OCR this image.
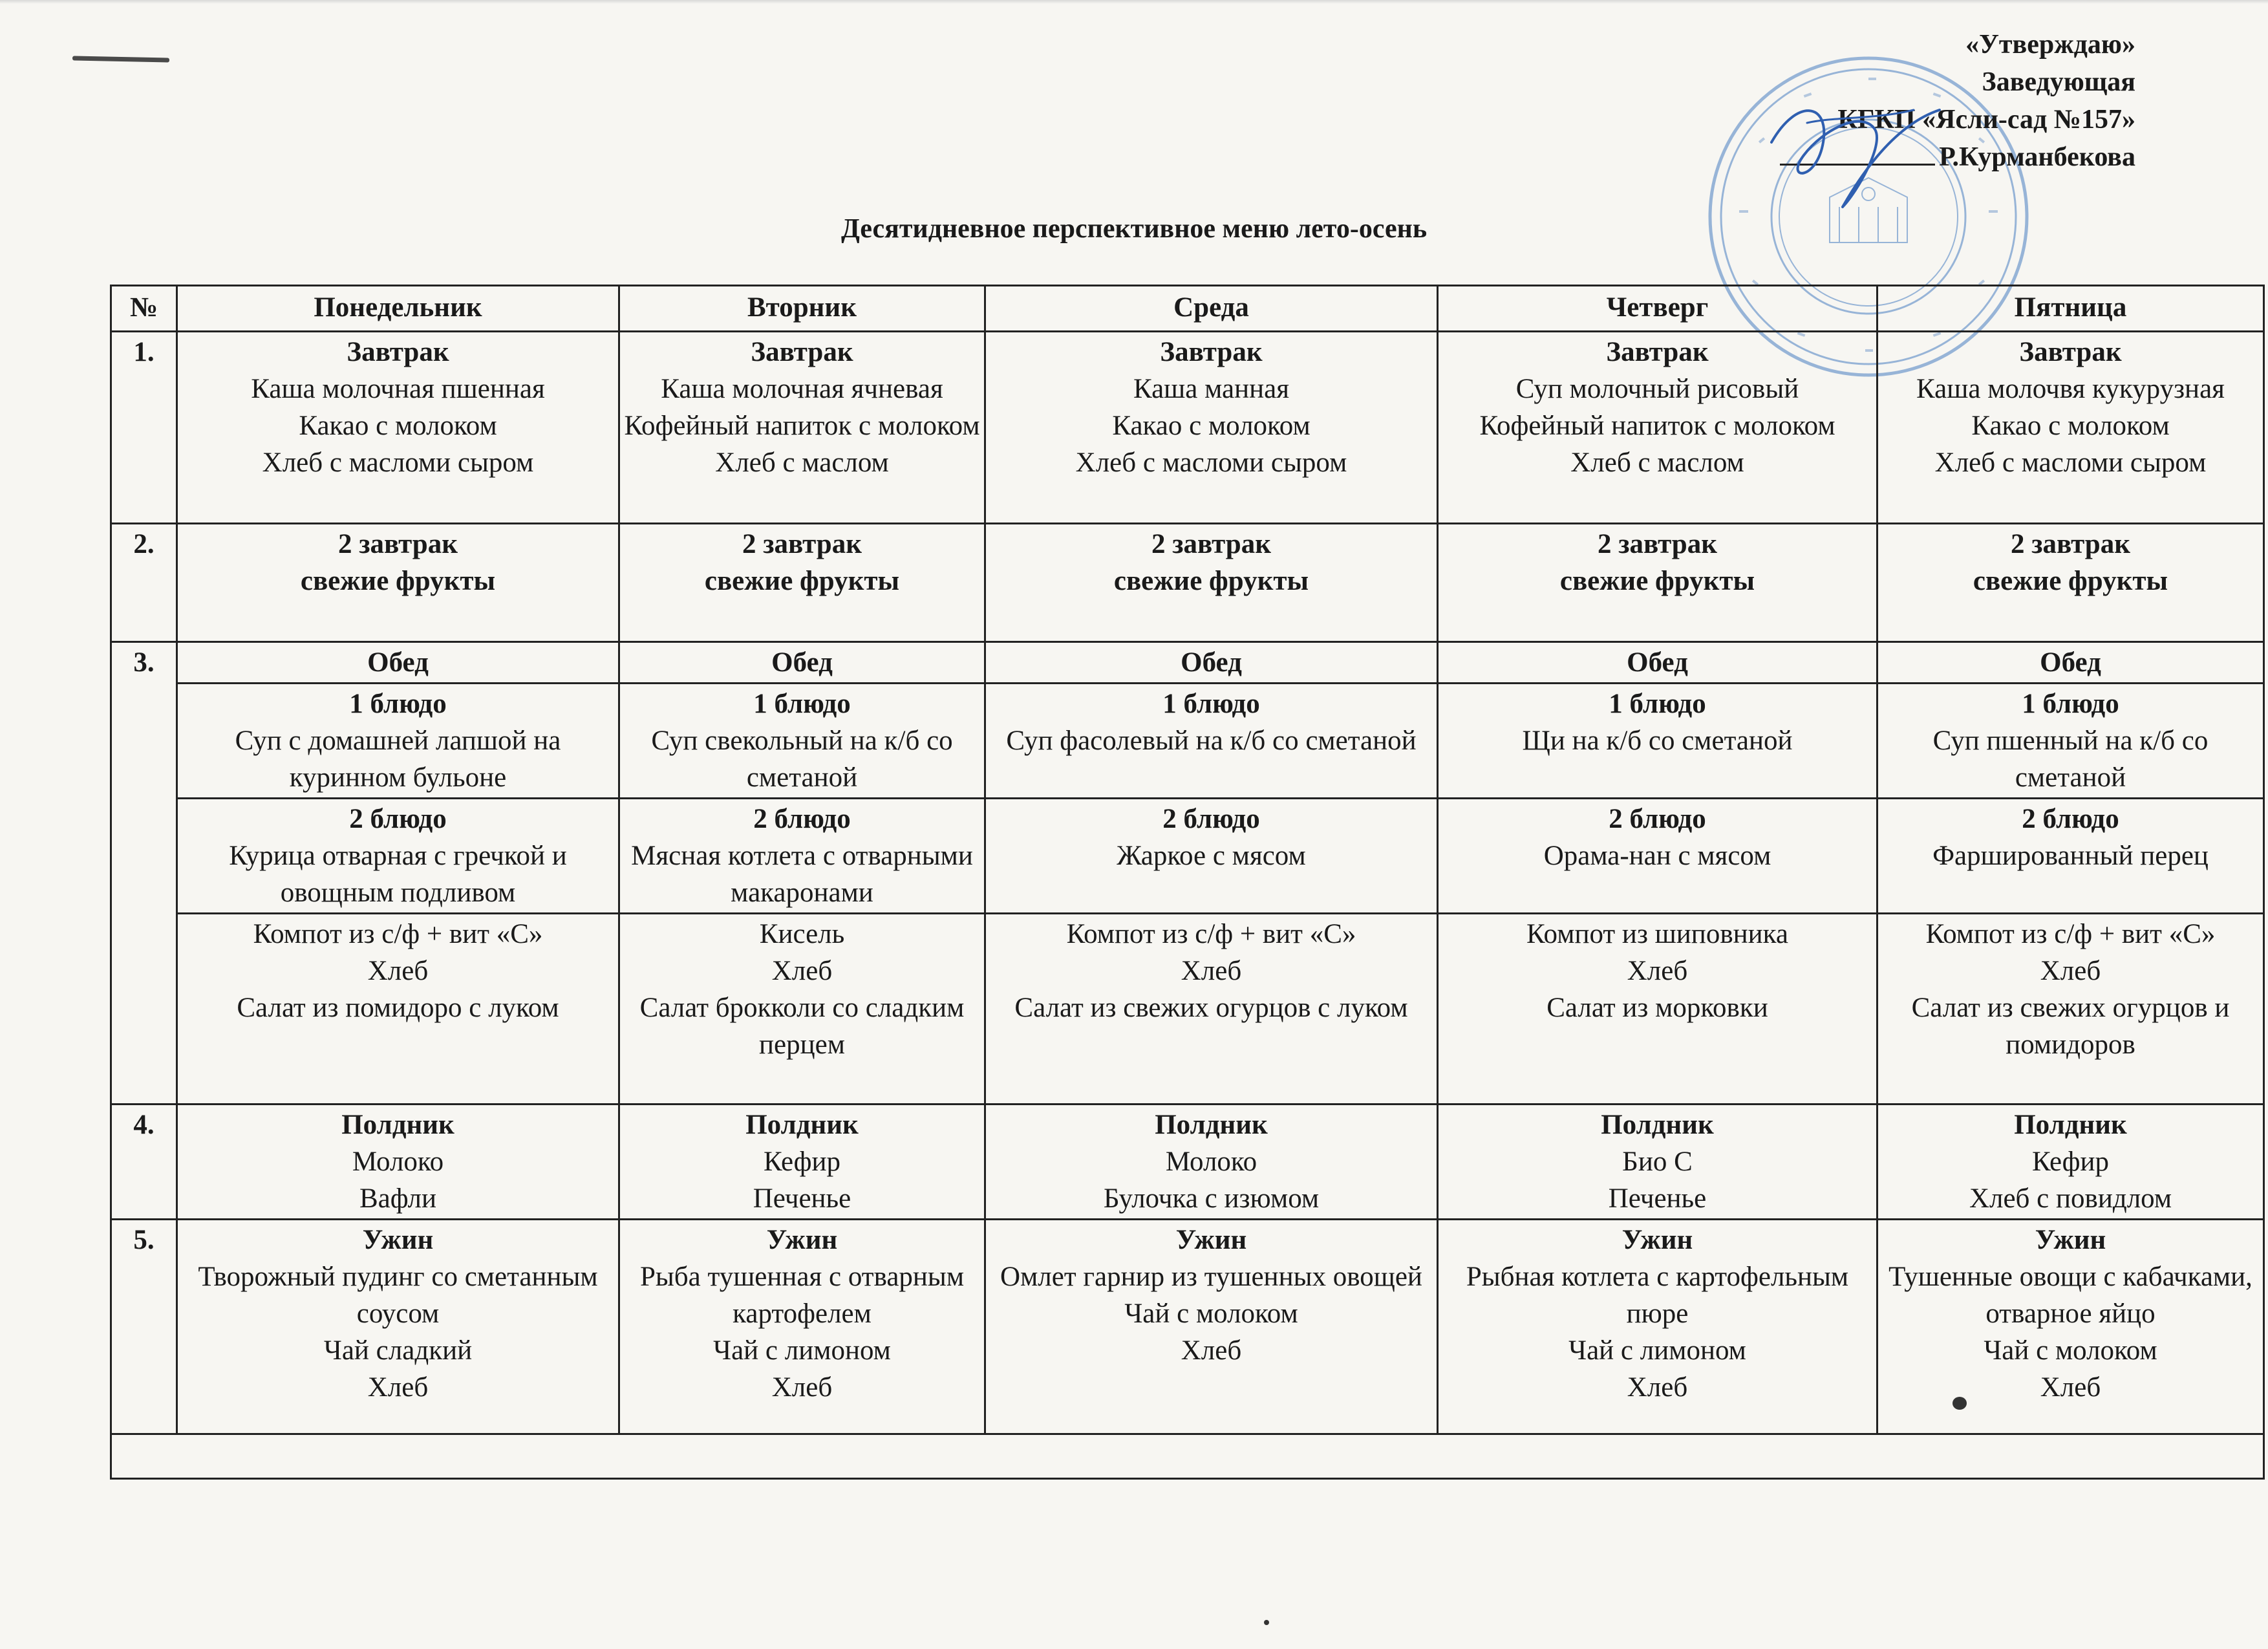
«Утверждаю»
Заведующая
КГКП «Ясли-сад №157»
Р.Курманбекова
Десятидневное перспективное меню лето-осень
№	Понедельник	Вторник	Среда	Четверг	Пятница
1.	Завтрак
Каша молочная пшенная
Какао с молоком
Хлеб с масломи сыром	Завтрак
Каша молочная ячневая
Кофейный напиток с молоком
Хлеб с маслом	Завтрак
Каша манная
Какао с молоком
Хлеб с масломи сыром	Завтрак
Суп молочный рисовый
Кофейный напиток с молоком
Хлеб с маслом	Завтрак
Каша молочвя кукурузная
Какао с молоком
Хлеб с масломи сыром

2.	2 завтрак
свежие фрукты	2 завтрак
свежие фрукты	2 завтрак
свежие фрукты	2 завтрак
свежие фрукты	2 завтрак
свежие фрукты

3.	Обед	Обед	Обед	Обед	Обед

	1 блюдо
Суп с домашней лапшой на куринном бульоне	1 блюдо
Суп свекольный на к/б со сметаной	1 блюдо
Суп фасолевый на к/б со сметаной	1 блюдо
Щи на к/б со сметаной	1 блюдо
Суп пшенный на к/б со сметаной

	2 блюдо
Курица отварная с гречкой и овощным подливом	2 блюдо
Мясная котлета с отварными макаронами	2 блюдо
Жаркое с мясом	2 блюдо
Орама-нан с мясом	2 блюдо
Фаршированный перец

	Компот из с/ф + вит «С»
Хлеб
Салат из помидоро с луком	Кисель
Хлеб
Салат брокколи со сладким перцем	Компот из с/ф + вит «С»
Хлеб
Салат из свежих огурцов с луком	Компот из шиповника
Хлеб
Салат из морковки	Компот из с/ф + вит «С»
Хлеб
Салат из свежих огурцов и помидоров

4.	Полдник
Молоко
Вафли	Полдник
Кефир
Печенье	Полдник
Молоко
Булочка с изюмом	Полдник
Био С
Печенье	Полдник
Кефир
Хлеб с повидлом

5.	Ужин
Творожный пудинг со сметанным соусом
Чай сладкий
Хлеб	Ужин
Рыба тушенная с отварным картофелем
Чай с лимоном
Хлеб	Ужин
Омлет гарнир из тушенных овощей
Чай с молоком
Хлеб	Ужин
Рыбная котлета с картофельным пюре
Чай с лимоном
Хлеб	Ужин
Тушенные овощи с кабачками, отварное яйцо
Чай с молоком
Хлеб
